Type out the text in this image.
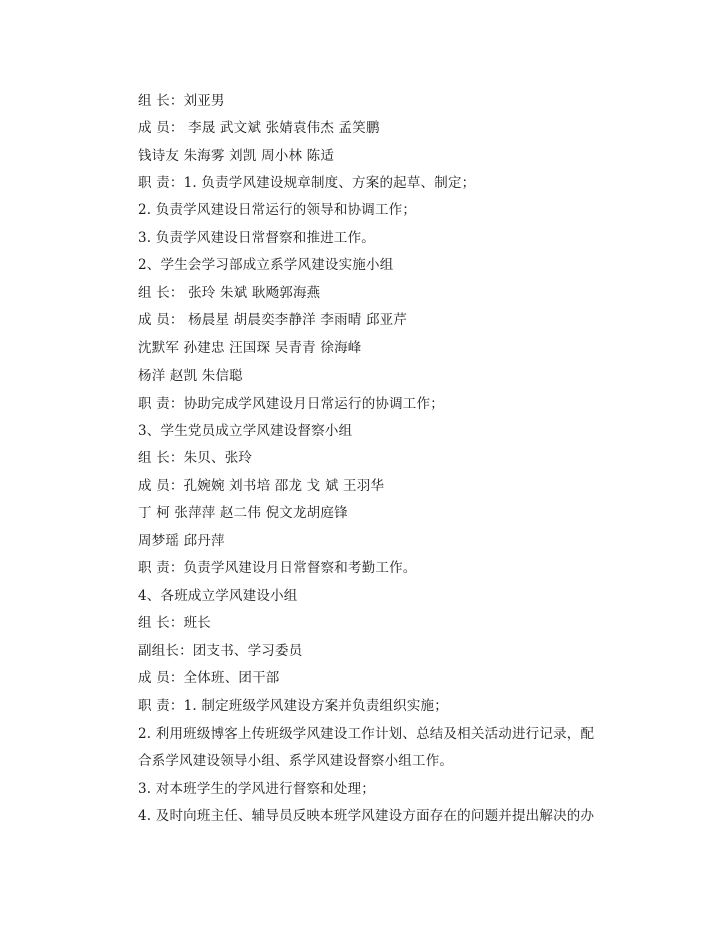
组 长：刘亚男
成 员： 李晟 武文斌 张婧袁伟杰 孟笑鹏
钱诗友 朱海雾 刘凯 周小林 陈适
职 责：1. 负责学风建设规章制度、方案的起草、制定；
2. 负责学风建设日常运行的领导和协调工作；
3. 负责学风建设日常督察和推进工作。
2、学生会学习部成立系学风建设实施小组
组 长： 张玲 朱斌 耿飏郭海燕
成 员： 杨晨星 胡晨奕李静洋 李雨晴 邱亚芹
沈默军 孙建忠 汪国琛 吴青青 徐海峰
杨洋 赵凯 朱信聪
职 责：协助完成学风建设月日常运行的协调工作；
3、学生党员成立学风建设督察小组
组 长：朱贝、张玲
成 员：孔婉婉 刘书培 邵龙 戈 斌 王羽华
丁 柯 张萍萍 赵二伟 倪文龙胡庭锋
周梦瑶 邱丹萍
职 责：负责学风建设月日常督察和考勤工作。
4、各班成立学风建设小组
组 长：班长
副组长：团支书、学习委员
成 员：全体班、团干部
职 责：1. 制定班级学风建设方案并负责组织实施；
2. 利用班级博客上传班级学风建设工作计划、总结及相关活动进行记录，配
合系学风建设领导小组、系学风建设督察小组工作。
3. 对本班学生的学风进行督察和处理；
4. 及时向班主任、辅导员反映本班学风建设方面存在的问题并提出解决的办
